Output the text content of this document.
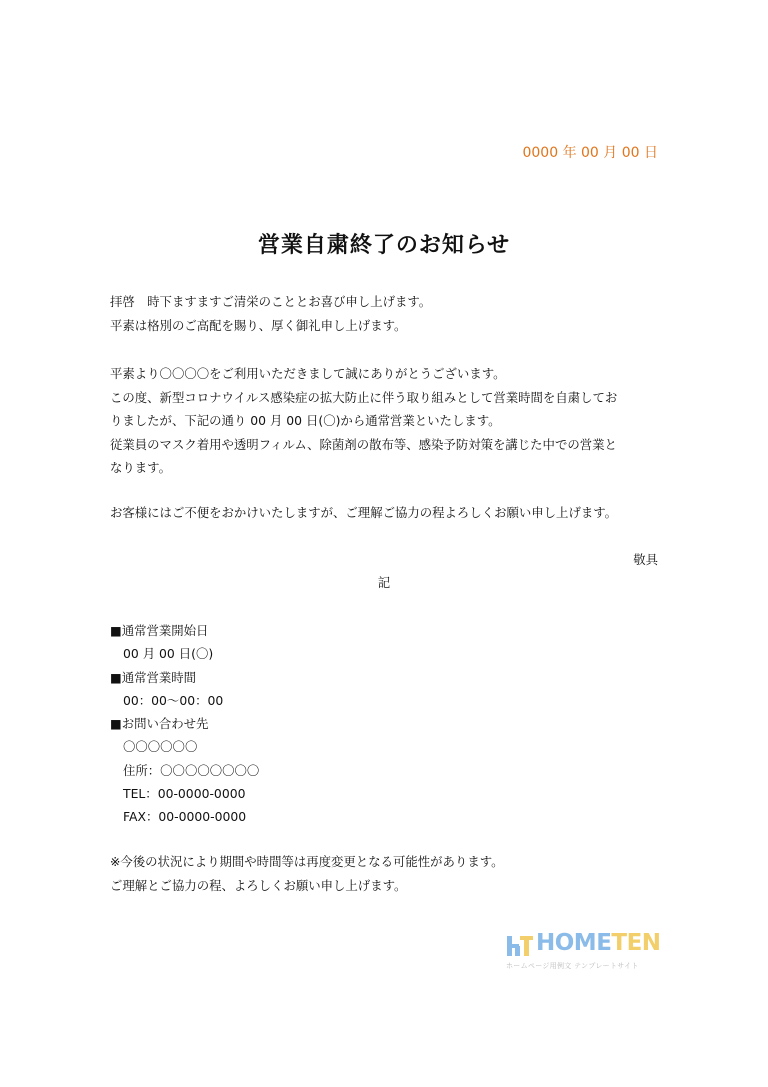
0000 年 00 月 00 日
営業自粛終了のお知らせ
拝啓　時下ますますご清栄のこととお喜び申し上げます。
平素は格別のご高配を賜り、厚く御礼申し上げます。
平素より〇〇〇〇をご利用いただきまして誠にありがとうございます。
この度、新型コロナウイルス感染症の拡大防止に伴う取り組みとして営業時間を自粛してお
りましたが、下記の通り 00 月 00 日(〇)から通常営業といたします。
従業員のマスク着用や透明フィルム、除菌剤の散布等、感染予防対策を講じた中での営業と
なります。
お客様にはご不便をおかけいたしますが、ご理解ご協力の程よろしくお願い申し上げます。
敬具
記
■通常営業開始日
00 月 00 日(〇)
■通常営業時間
00：00〜00：00
■お問い合わせ先
〇〇〇〇〇〇
住所：〇〇〇〇〇〇〇〇
TEL：00-0000-0000
FAX：00-0000-0000
※今後の状況により期間や時間等は再度変更となる可能性があります。
ご理解とご協力の程、よろしくお願い申し上げます。
HOMETEN
ホームページ用例文 テンプレートサイト
